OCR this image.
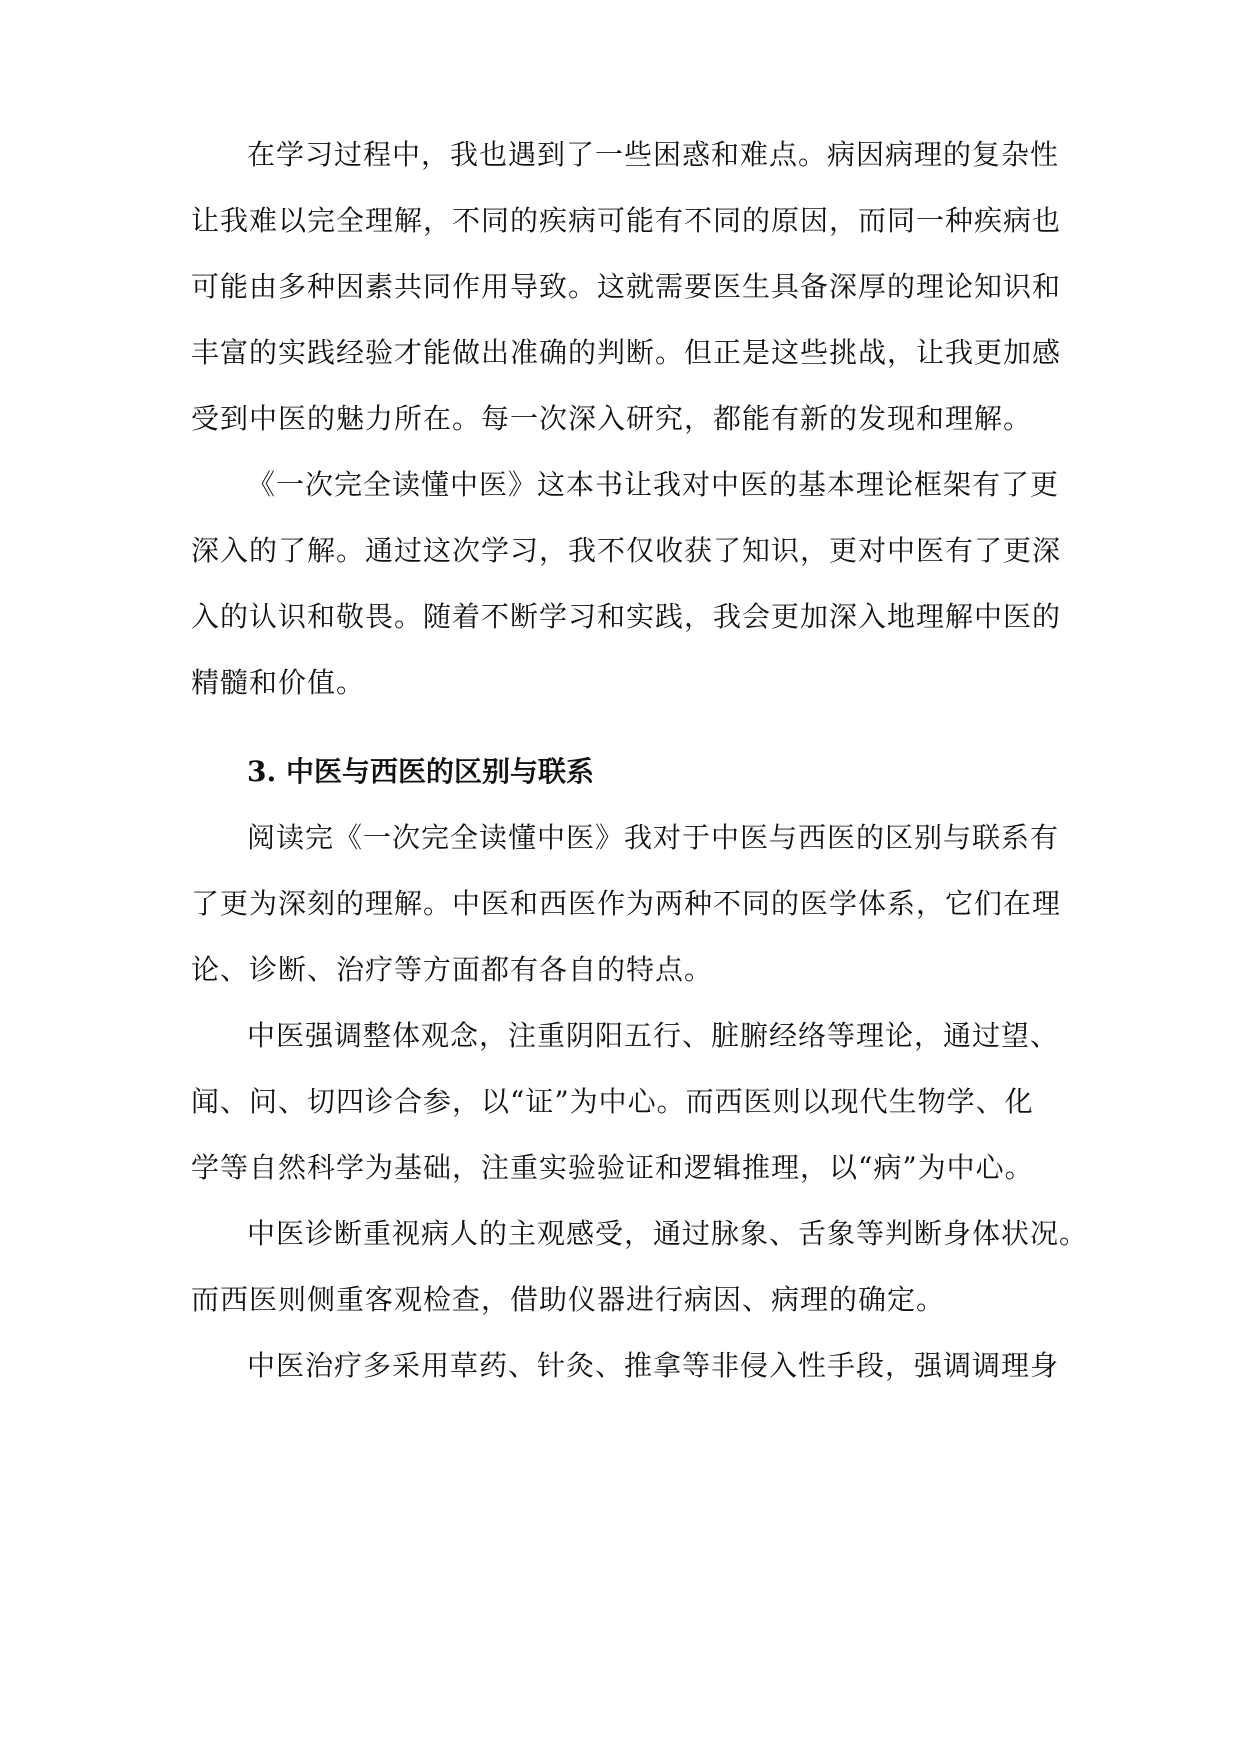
在学习过程中，我也遇到了一些困惑和难点。病因病理的复杂性
让我难以完全理解，不同的疾病可能有不同的原因，而同一种疾病也
可能由多种因素共同作用导致。这就需要医生具备深厚的理论知识和
丰富的实践经验才能做出准确的判断。但正是这些挑战，让我更加感
受到中医的魅力所在。每一次深入研究，都能有新的发现和理解。
《一次完全读懂中医》这本书让我对中医的基本理论框架有了更
深入的了解。通过这次学习，我不仅收获了知识，更对中医有了更深
入的认识和敬畏。随着不断学习和实践，我会更加深入地理解中医的
精髓和价值。
3. 中医与西医的区别与联系
阅读完《一次完全读懂中医》我对于中医与西医的区别与联系有
了更为深刻的理解。中医和西医作为两种不同的医学体系，它们在理
论、诊断、治疗等方面都有各自的特点。
中医强调整体观念，注重阴阳五行、脏腑经络等理论，通过望、
闻、问、切四诊合参，以“证”为中心。而西医则以现代生物学、化
学等自然科学为基础，注重实验验证和逻辑推理，以“病”为中心。
中医诊断重视病人的主观感受，通过脉象、舌象等判断身体状况。
而西医则侧重客观检查，借助仪器进行病因、病理的确定。
中医治疗多采用草药、针灸、推拿等非侵入性手段，强调调理身
